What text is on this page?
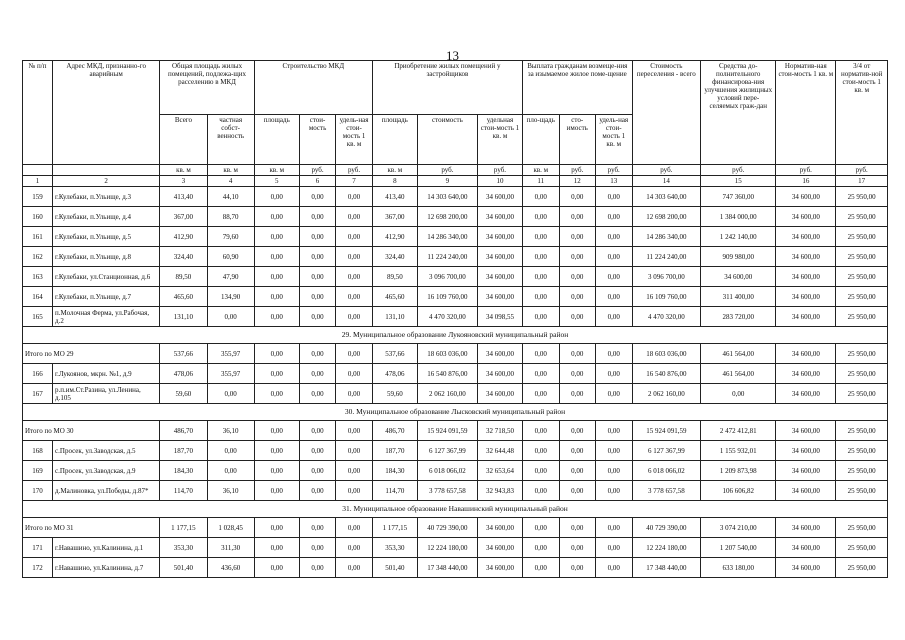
13
№ п/п	Адрес МКД, признанно-го аварийным	Общая площадь жилых помещений, подлежа-щих расселению в МКД		Строительство МКД			Приобретение жилых помещений у застройщиков			Выплата гражданам возмеще-ния за изымаемое жилое поме-щение			Стоимость переселения - всего	Средства до-полнительного финансирова-ния улучшения жилищных условий пере-селяемых граж-дан	Норматив-ная стои-мость 1 кв. м	3/4 от норматив-ной стои-мость 1 кв. м
		Всего	частная собст-венность	площадь	стои-мость	удель-ная стои-мость 1 кв. м	площадь	стоимость	удельная стои-мость 1 кв. м	пло-щадь	сто-имость	удель-ная стои-мость 1 кв. м				
		кв. м	кв. м	кв. м	руб.	руб.	кв. м	руб.	руб.	кв. м	руб.	руб.	руб.	руб.	руб.	руб.
1	2	3	4	5	6	7	8	9	10	11	12	13	14	15	16	17
159	г.Кулебаки, п.Ульище, д.3	413,40	44,10	0,00	0,00	0,00	413,40	14 303 640,00	34 600,00	0,00	0,00	0,00	14 303 640,00	747 360,00	34 600,00	25 950,00
160	г.Кулебаки, п.Ульище, д.4	367,00	88,70	0,00	0,00	0,00	367,00	12 698 200,00	34 600,00	0,00	0,00	0,00	12 698 200,00	1 384 000,00	34 600,00	25 950,00
161	г.Кулебаки, п.Ульище, д.5	412,90	79,60	0,00	0,00	0,00	412,90	14 286 340,00	34 600,00	0,00	0,00	0,00	14 286 340,00	1 242 140,00	34 600,00	25 950,00
162	г.Кулебаки, п.Ульище, д.8	324,40	60,90	0,00	0,00	0,00	324,40	11 224 240,00	34 600,00	0,00	0,00	0,00	11 224 240,00	909 980,00	34 600,00	25 950,00
163	г.Кулебаки, ул.Станционная, д.6	89,50	47,90	0,00	0,00	0,00	89,50	3 096 700,00	34 600,00	0,00	0,00	0,00	3 096 700,00	34 600,00	34 600,00	25 950,00
164	г.Кулебаки, п.Ульище, д.7	465,60	134,90	0,00	0,00	0,00	465,60	16 109 760,00	34 600,00	0,00	0,00	0,00	16 109 760,00	311 400,00	34 600,00	25 950,00
165	п.Молочная Ферма, ул.Рабочая, д.2	131,10	0,00	0,00	0,00	0,00	131,10	4 470 320,00	34 098,55	0,00	0,00	0,00	4 470 320,00	283 720,00	34 600,00	25 950,00
29. Муниципальное образование Лукояновский муниципальный район																
Итого по МО 29		537,66	355,97	0,00	0,00	0,00	537,66	18 603 036,00	34 600,00	0,00	0,00	0,00	18 603 036,00	461 564,00	34 600,00	25 950,00
166	г.Лукоянов, мкрн. №1, д.9	478,06	355,97	0,00	0,00	0,00	478,06	16 540 876,00	34 600,00	0,00	0,00	0,00	16 540 876,00	461 564,00	34 600,00	25 950,00
167	р.п.им.Ст.Разина, ул.Ленина, д.105	59,60	0,00	0,00	0,00	0,00	59,60	2 062 160,00	34 600,00	0,00	0,00	0,00	2 062 160,00	0,00	34 600,00	25 950,00
30. Муниципальное образование Лысковский муниципальный район																
Итого по МО 30		486,70	36,10	0,00	0,00	0,00	486,70	15 924 091,59	32 718,50	0,00	0,00	0,00	15 924 091,59	2 472 412,81	34 600,00	25 950,00
168	с.Просек, ул.Заводская, д.5	187,70	0,00	0,00	0,00	0,00	187,70	6 127 367,99	32 644,48	0,00	0,00	0,00	6 127 367,99	1 155 932,01	34 600,00	25 950,00
169	с.Просек, ул.Заводская, д.9	184,30	0,00	0,00	0,00	0,00	184,30	6 018 066,02	32 653,64	0,00	0,00	0,00	6 018 066,02	1 209 873,98	34 600,00	25 950,00
170	д.Малиновка, ул.Победы, д.87*	114,70	36,10	0,00	0,00	0,00	114,70	3 778 657,58	32 943,83	0,00	0,00	0,00	3 778 657,58	106 606,82	34 600,00	25 950,00
31. Муниципальное образование Навашинский муниципальный район																
Итого по МО 31		1 177,15	1 028,45	0,00	0,00	0,00	1 177,15	40 729 390,00	34 600,00	0,00	0,00	0,00	40 729 390,00	3 074 210,00	34 600,00	25 950,00
171	г.Навашино, ул.Калинина, д.1	353,30	311,30	0,00	0,00	0,00	353,30	12 224 180,00	34 600,00	0,00	0,00	0,00	12 224 180,00	1 207 540,00	34 600,00	25 950,00
172	г.Навашино, ул.Калинина, д.7	501,40	436,60	0,00	0,00	0,00	501,40	17 348 440,00	34 600,00	0,00	0,00	0,00	17 348 440,00	633 180,00	34 600,00	25 950,00
